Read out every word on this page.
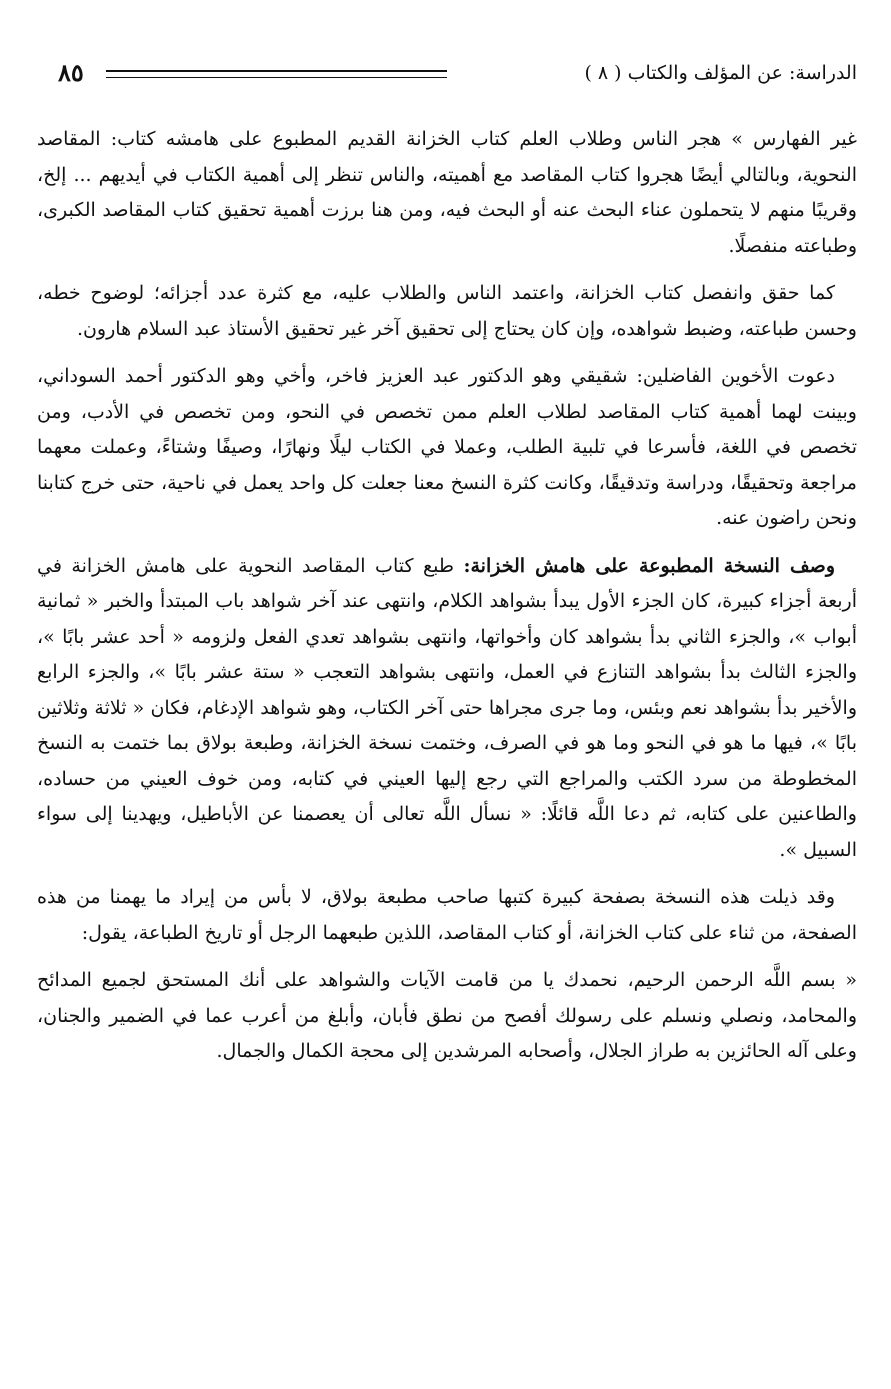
٨٥	الدراسة: عن المؤلف والكتاب ( ٨ )

غير الفهارس » هجر الناس وطلاب العلم كتاب الخزانة القديم المطبوع على هامشه كتاب: المقاصد النحوية، وبالتالي أيضًا هجروا كتاب المقاصد مع أهميته، والناس تنظر إلى أهمية الكتاب في أيديهم ... إلخ، وقريبًا منهم لا يتحملون عناء البحث عنه أو البحث فيه، ومن هنا برزت أهمية تحقيق كتاب المقاصد الكبرى، وطباعته منفصلًا.

كما حقق وانفصل كتاب الخزانة، واعتمد الناس والطلاب عليه، مع كثرة عدد أجزائه؛ لوضوح خطه، وحسن طباعته، وضبط شواهده، وإن كان يحتاج إلى تحقيق آخر غير تحقيق الأستاذ عبد السلام هارون.

دعوت الأخوين الفاضلين: شقيقي وهو الدكتور عبد العزيز فاخر، وأخي وهو الدكتور أحمد السوداني، وبينت لهما أهمية كتاب المقاصد لطلاب العلم ممن تخصص في النحو، ومن تخصص في الأدب، ومن تخصص في اللغة، فأسرعا في تلبية الطلب، وعملا في الكتاب ليلًا ونهارًا، وصيفًا وشتاءً، وعملت معهما مراجعة وتحقيقًا، ودراسة وتدقيقًا، وكانت كثرة النسخ معنا جعلت كل واحد يعمل في ناحية، حتى خرج كتابنا ونحن راضون عنه.

وصف النسخة المطبوعة على هامش الخزانة: طبع كتاب المقاصد النحوية على هامش الخزانة في أربعة أجزاء كبيرة، كان الجزء الأول يبدأ بشواهد الكلام، وانتهى عند آخر شواهد باب المبتدأ والخبر « ثمانية أبواب »، والجزء الثاني بدأ بشواهد كان وأخواتها، وانتهى بشواهد تعدي الفعل ولزومه « أحد عشر بابًا »، والجزء الثالث بدأ بشواهد التنازع في العمل، وانتهى بشواهد التعجب « ستة عشر بابًا »، والجزء الرابع والأخير بدأ بشواهد نعم وبئس، وما جرى مجراها حتى آخر الكتاب، وهو شواهد الإدغام، فكان « ثلاثة وثلاثين بابًا »، فيها ما هو في النحو وما هو في الصرف، وختمت نسخة الخزانة، وطبعة بولاق بما ختمت به النسخ المخطوطة من سرد الكتب والمراجع التي رجع إليها العيني في كتابه، ومن خوف العيني من حساده، والطاعنين على كتابه، ثم دعا اللَّه قائلًا: « نسأل اللَّه تعالى أن يعصمنا عن الأباطيل، ويهدينا إلى سواء السبيل ».

وقد ذيلت هذه النسخة بصفحة كبيرة كتبها صاحب مطبعة بولاق، لا بأس من إيراد ما يهمنا من هذه الصفحة، من ثناء على كتاب الخزانة، أو كتاب المقاصد، اللذين طبعهما الرجل أو تاريخ الطباعة، يقول:

« بسم اللَّه الرحمن الرحيم، نحمدك يا من قامت الآيات والشواهد على أنك المستحق لجميع المدائح والمحامد، ونصلي ونسلم على رسولك أفصح من نطق فأبان، وأبلغ من أعرب عما في الضمير والجنان، وعلى آله الحائزين به طراز الجلال، وأصحابه المرشدين إلى محجة الكمال والجمال.
